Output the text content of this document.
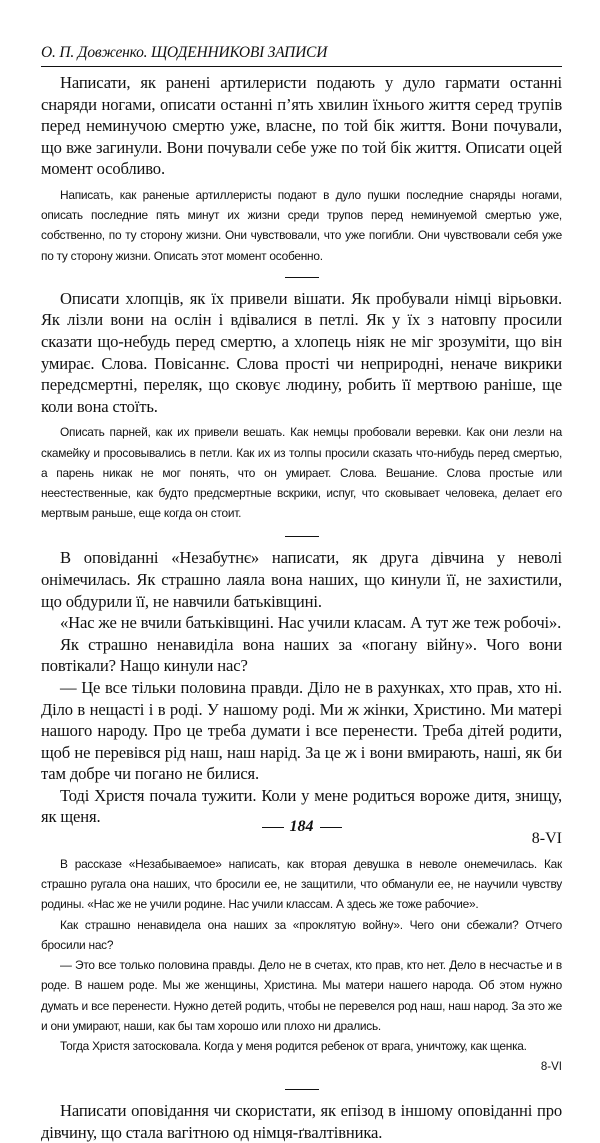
О. П. Довженко. ЩОДЕННИКОВІ ЗАПИСИ

Написати, як ранені артилеристи подають у дуло гармати останні снаряди ногами, описати останні п’ять хвилин їхнього життя серед трупів перед неминучою смертю уже, власне, по той бік життя. Вони почували, що вже загинули. Вони почували себе уже по той бік життя. Описати оцей момент особливо.

Написать, как раненые артиллеристы подают в дуло пушки последние снаряды ногами, описать последние пять минут их жизни среди трупов перед неминуемой смертью уже, собственно, по ту сторону жизни. Они чувствовали, что уже погибли. Они чувствовали себя уже по ту сторону жизни. Описать этот момент особенно.

Описати хлопців, як їх привели вішати. Як пробували німці вірьовки. Як лізли вони на ослін і вдівалися в петлі. Як у їх з натовпу просили сказати що-небудь перед смертю, а хлопець ніяк не міг зрозуміти, що він умирає. Слова. Повісаннє. Слова прості чи неприродні, неначе викрики передсмертні, переляк, що сковує людину, робить її мертвою раніше, ще коли вона стоїть.

Описать парней, как их привели вешать. Как немцы пробовали веревки. Как они лезли на скамейку и просовывались в петли. Как их из толпы просили сказать что-нибудь перед смертью, а парень никак не мог понять, что он умирает. Слова. Вешание. Слова простые или неестественные, как будто предсмертные вскрики, испуг, что сковывает человека, делает его мертвым раньше, еще когда он стоит.

В оповіданні «Незабутнє» написати, як друга дівчина у неволі онімечилась. Як страшно лаяла вона наших, що кинули її, не захистили, що обдурили її, не навчили батьківщині.

«Нас же не вчили батьківщині. Нас учили класам. А тут же теж робочі».

Як страшно ненавиділа вона наших за «погану війну». Чого вони повтікали? Нащо кинули нас?

— Це все тільки половина правди. Діло не в рахунках, хто прав, хто ні. Діло в нещасті і в роді. У нашому роді. Ми ж жінки, Христино. Ми матері нашого народу. Про це треба думати і все перенести. Треба дітей родити, щоб не перевівся рід наш, наш нарід. За це ж і вони вмирають, наші, як би там добре чи погано не билися.

Тоді Христя почала тужити. Коли у мене родиться вороже дитя, знищу, як щеня.

8-VI

В рассказе «Незабываемое» написать, как вторая девушка в неволе онемечилась. Как страшно ругала она наших, что бросили ее, не защитили, что обманули ее, не научили чувству родины. «Нас же не учили родине. Нас учили классам. А здесь же тоже рабочие».

Как страшно ненавидела она наших за «проклятую войну». Чего они сбежали? Отчего бросили нас?

— Это все только половина правды. Дело не в счетах, кто прав, кто нет. Дело в несчастье и в роде. В нашем роде. Мы же женщины, Христина. Мы матери нашего народа. Об этом нужно думать и все перенести. Нужно детей родить, чтобы не перевелся род наш, наш народ. За это же и они умирают, наши, как бы там хорошо или плохо ни дрались.

Тогда Христя затосковала. Когда у меня родится ребенок от врага, уничтожу, как щенка.

8-VI

Написати оповідання чи скористати, як епізод в іншому оповіданні про дівчину, що стала вагітною од німця-ґвалтівника.

184
